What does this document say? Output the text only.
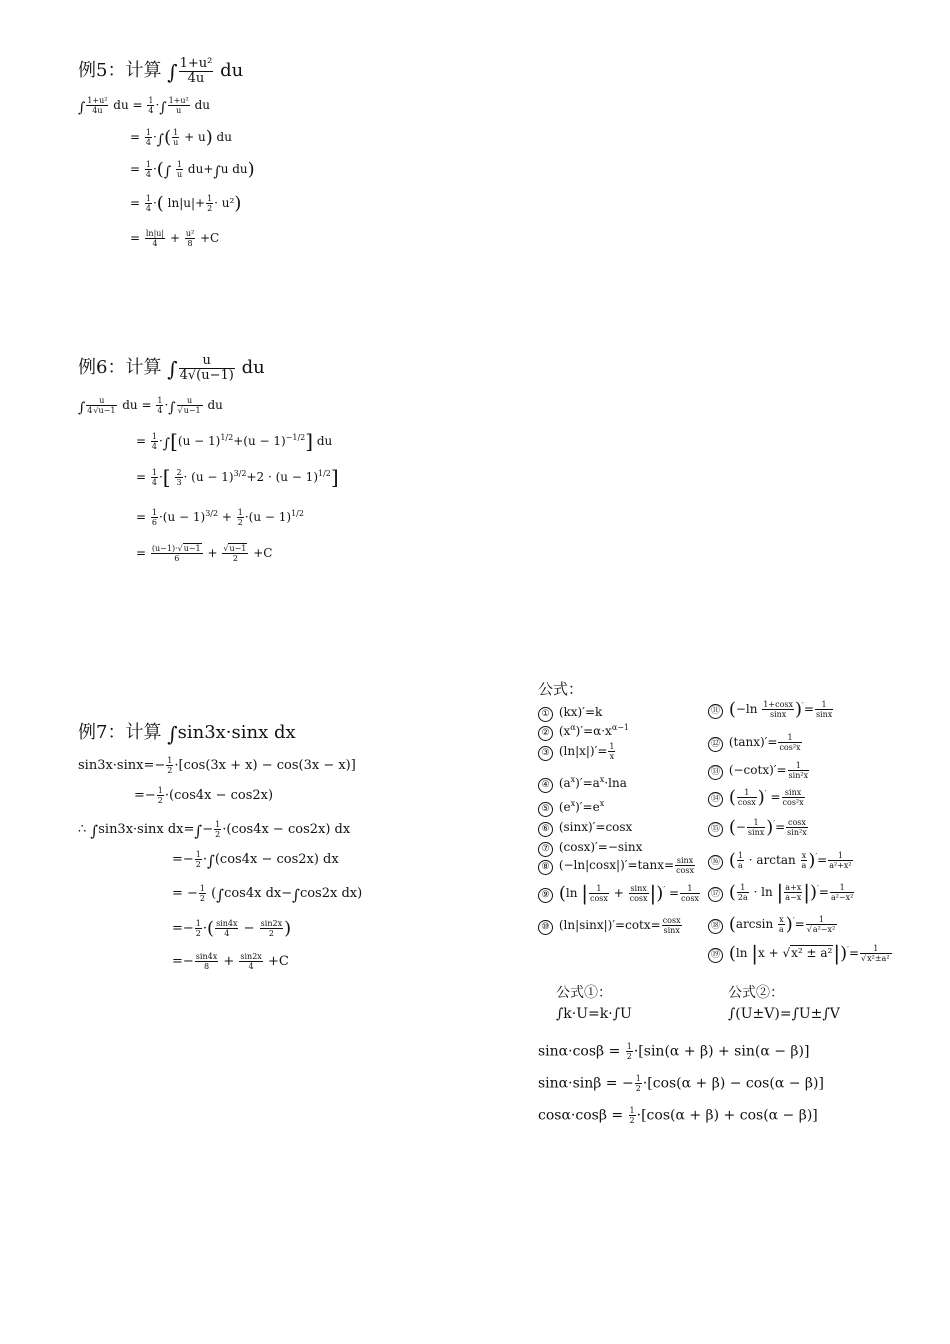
例5：计算 ∫ $\frac{\text{1+u²}}{4u}$ du
∫ $\frac{\text{1+u²}}{4u}$ du = $\frac{1}{4}$ ·∫ $\frac{\text{1+u²}}{u}$ du
= $\frac{1}{4}$ ·∫( $\frac{1}{u} + u$) du
= $\frac{1}{4}$ ·(∫ $\frac{1}{u} du+\int u$ du)
= $\frac{1}{4}$ ·( $\ln|u|+ \frac{1}{2} \cdot u^2$)
= $\frac{\ln|u|}{4} + \frac{\text{u²}}{8} +C$
例6：计算 ∫ $\frac{u}{4√(u-1)}$ du
∫ $\frac{u}{4√u-1}$ du = $\frac{1}{4}$ ·∫ $\frac{u}{√u-1}$ du
= $\frac{1}{4} \cdot\int[(u - 1)^{1/2}+(u - 1)^{-1/2}]$ du
= $\frac{1}{4}$ ·[ $\frac{2}{3} \cdot (u - 1)^{3/2}+2 \cdot (u - 1)^{1/2}$]
= $\frac{1}{6} \cdot(u - 1)^{3/2} + \frac{1}{2} \cdot(u - 1)^{1/2}$
= $\frac{(u-1)\cdot√u-1}{6} + \frac{√u-1}{2} +C$
例7：计算 ∫sin3x·sinx dx
$\sin 3x\cdot\sin x=- \frac{1}{2} \cdot[\cos(3x + x) - \cos(3x - x)]$
=− $\frac{1}{2} \cdot(\cos 4x - \cos 2x)$
∴ ∫sin3x·sinx $dx=\int- \frac{1}{2} \cdot(\cos 4x - \cos 2x)$ dx
=− $\frac{1}{2} \cdot\int(\cos 4x - \cos 2x)$ dx
= − $\frac{1}{2} (\int\cos 4x$ dx−∫cos2x dx)
=− $\frac{1}{2}$ ·( $\frac{\sin 4x}{4} - \frac{\sin 2x}{2}$ )
=− $\frac{\sin 4x}{8} + \frac{\sin 2x}{4} +C$
公式：
① (kx)′=k
② $(x^\alpha)'=\alpha\cdot x^{\alpha-1}$
③ $(\ln|x|)'= \frac{1}{x}$
④ $(a^x)'=a^x\cdot\ln a$
⑤ $(e^x)'=e^x$
⑥ (sinx)′=cosx
⑦ (cosx)′=−sinx
⑧ $(-\ln|\cos x|)'=\tan x= \frac{\sin x}{\cos x}$
⑨ (ln | $\frac{1}{\cos x} + \frac{\sin x}{\cos x} |)' = \frac{1}{\cos x}$
⑩ $(\ln|\sin x|)'=\cot x= \frac{\cos x}{\sin x}$
⑪ $(-\ln \frac{1+\cos x}{\sin x} )'= \frac{1}{\sin x}$
⑫ $(\tan x)'= \frac{1}{\text{cos²x}}$
⑬ $(-\cot x)'= \frac{1}{\text{sin²x}}$
⑭ ( $\frac{1}{\cos x} )' = \frac{\sin x}{\text{cos²x}}$
⑮ (− $\frac{1}{\sin x} )'= \frac{\cos x}{\text{sin²x}}$
⑯ ( $\frac{1}{a} \cdot \arctan \frac{x}{a} )'= \frac{1}{\text{a²+x²}}$
⑰ ( $\frac{1}{2a} \cdot \ln$ | $\frac{a+x}{a-x} |)'= \frac{1}{\text{a²−x²}}$
⑱ $(\arcsin \frac{x}{a} )'= \frac{1}{\text{√a²−x²}}$
⑲ (ln $|x + √x^2 \pm a^2|)'= \frac{1}{\text{√x²±a²}}$
公式①：
∫k·U=k·∫U
公式②：
∫(U±V)=∫U±∫V
$\sin\alpha\cdot\cos\beta = \frac{1}{2} \cdot[\sin(\alpha + \beta) + \sin(\alpha - \beta)]$
sinα·sinβ = − $\frac{1}{2} \cdot[\cos(\alpha + \beta) - \cos(\alpha - \beta)]$
$\cos\alpha\cdot\cos\beta = \frac{1}{2} \cdot[\cos(\alpha + \beta) + \cos(\alpha - \beta)]$
